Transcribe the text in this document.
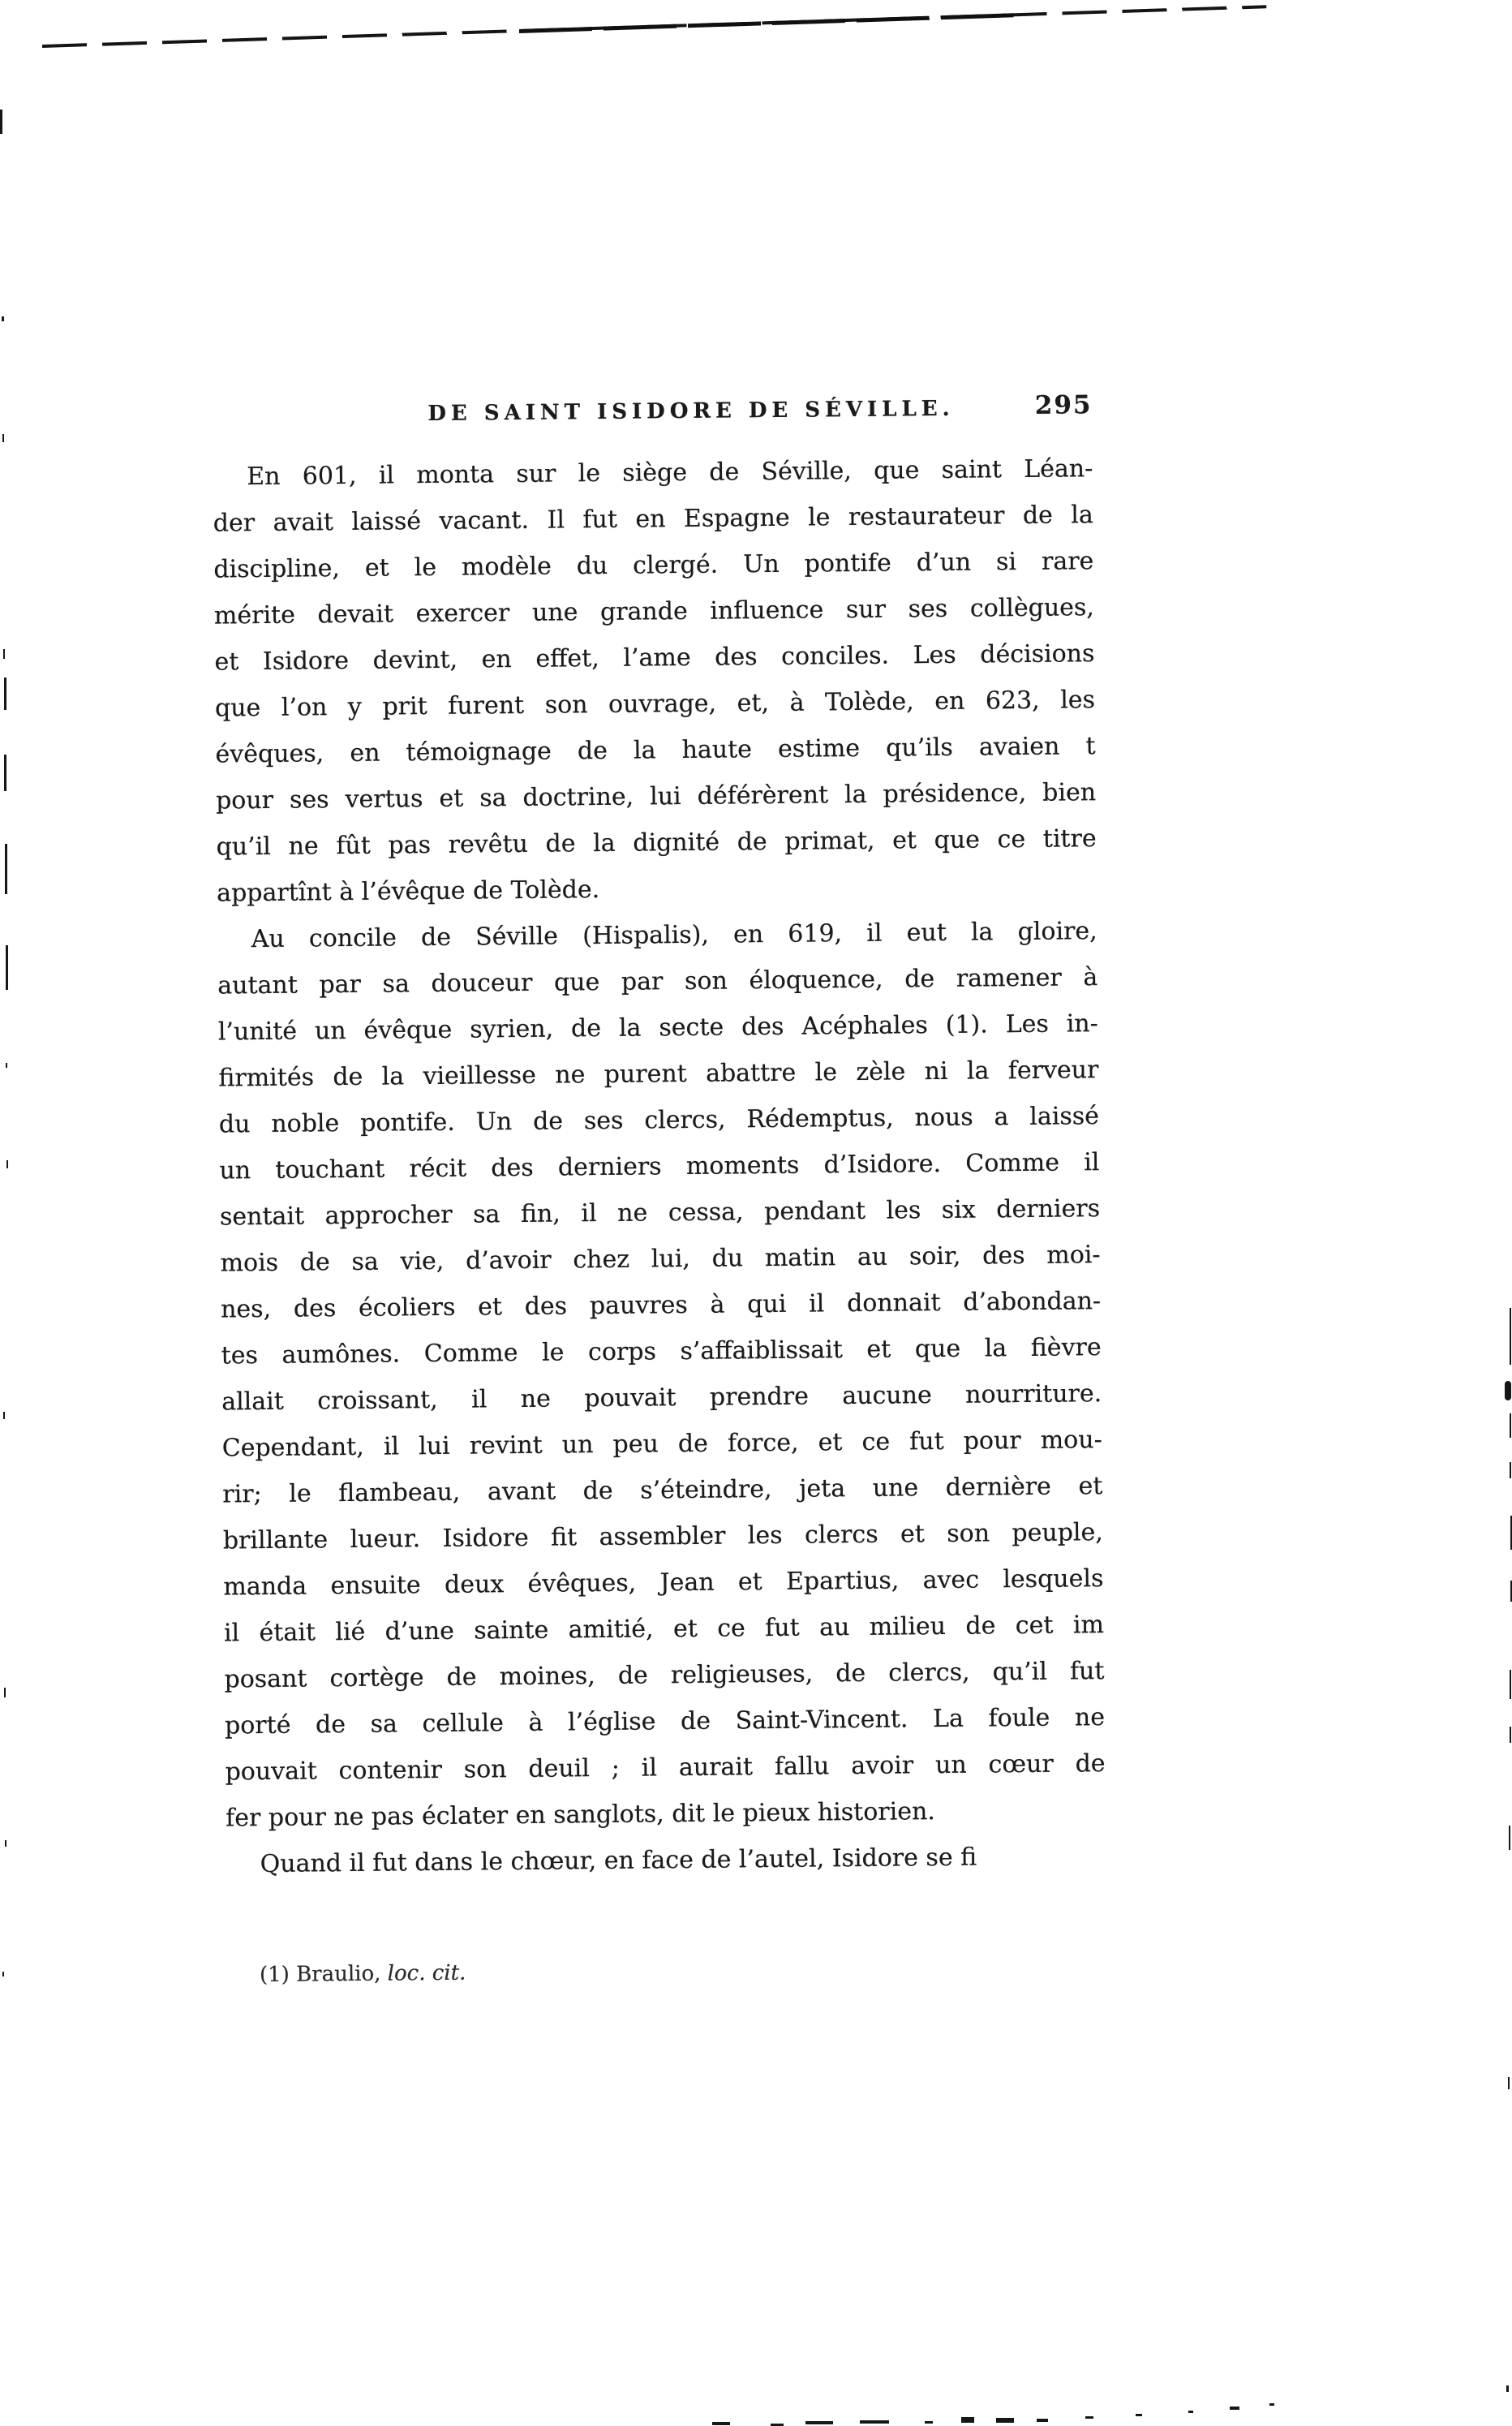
DE SAINT ISIDORE DE SÉVILLE.	295
En 601, il monta sur le siège de Séville, que saint Léan-
der avait laissé vacant. Il fut en Espagne le restaurateur de la
discipline, et le modèle du clergé. Un pontife d’un si rare
mérite devait exercer une grande influence sur ses collègues,
et Isidore devint, en effet, l’ame des conciles. Les décisions
que l’on y prit furent son ouvrage, et, à Tolède, en 623, les
évêques, en témoignage de la haute estime qu’ils avaien t
pour ses vertus et sa doctrine, lui déférèrent la présidence, bien
qu’il ne fût pas revêtu de la dignité de primat, et que ce titre
appartînt à l’évêque de Tolède.
Au concile de Séville (Hispalis), en 619, il eut la gloire,
autant par sa douceur que par son éloquence, de ramener à
l’unité un évêque syrien, de la secte des Acéphales (1). Les in-
firmités de la vieillesse ne purent abattre le zèle ni la ferveur
du noble pontife. Un de ses clercs, Rédemptus, nous a laissé
un touchant récit des derniers moments d’Isidore. Comme il
sentait approcher sa fin, il ne cessa, pendant les six derniers
mois de sa vie, d’avoir chez lui, du matin au soir, des moi-
nes, des écoliers et des pauvres à qui il donnait d’abondan-
tes aumônes. Comme le corps s’affaiblissait et que la fièvre
allait croissant, il ne pouvait prendre aucune nourriture.
Cependant, il lui revint un peu de force, et ce fut pour mou-
rir; le flambeau, avant de s’éteindre, jeta une dernière et
brillante lueur. Isidore fit assembler les clercs et son peuple,
manda ensuite deux évêques, Jean et Epartius, avec lesquels
il était lié d’une sainte amitié, et ce fut au milieu de cet im
posant cortège de moines, de religieuses, de clercs, qu’il fut
porté de sa cellule à l’église de Saint-Vincent. La foule ne
pouvait contenir son deuil ; il aurait fallu avoir un cœur de
fer pour ne pas éclater en sanglots, dit le pieux historien.
Quand il fut dans le chœur, en face de l’autel, Isidore se fi
(1) Braulio, loc. cit.
